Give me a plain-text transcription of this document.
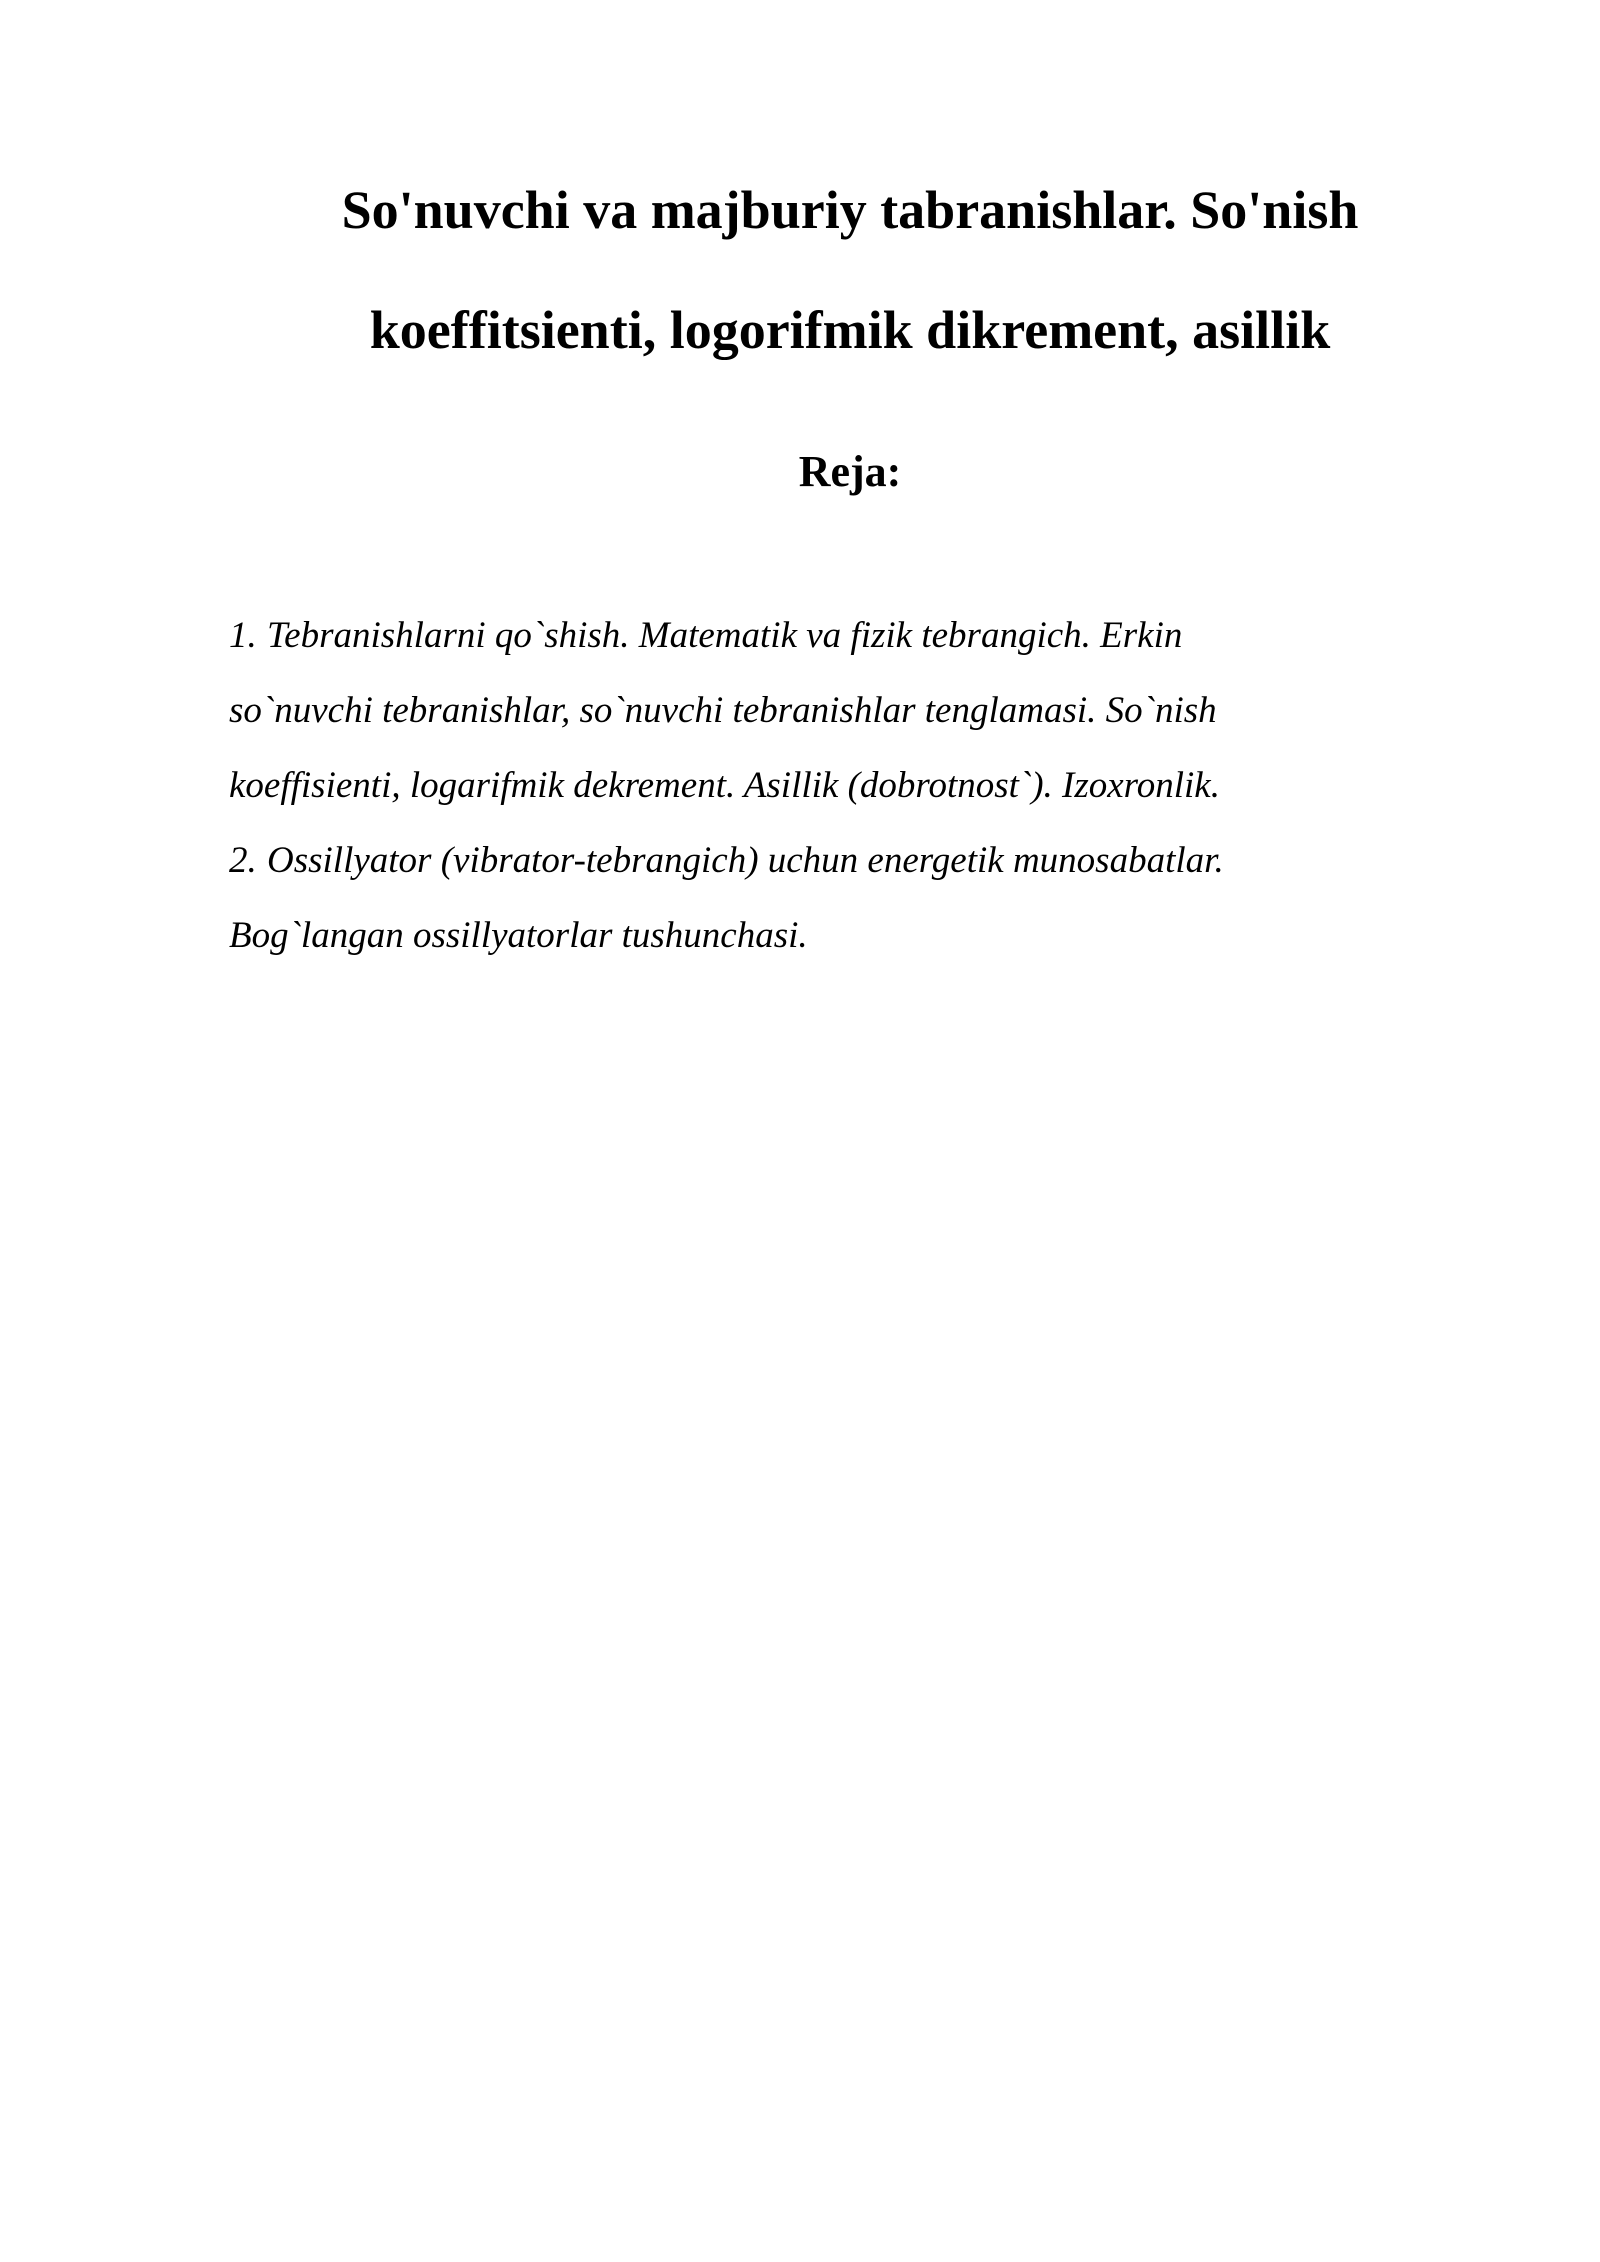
So'nuvchi va majburiy tabranishlar. So'nish
koeffitsienti, logorifmik dikrement, asillik
Reja:
1. Tebranishlarni qo`shish. Matematik va fizik tebrangich. Erkin
so`nuvchi tebranishlar, so`nuvchi tebranishlar tenglamasi. So`nish
koeffisienti, logarifmik dekrement. Asillik (dobrotnost`). Izoxronlik.
2. Ossillyator (vibrator-tebrangich) uchun energetik munosabatlar.
Bog`langan ossillyatorlar tushunchasi.
